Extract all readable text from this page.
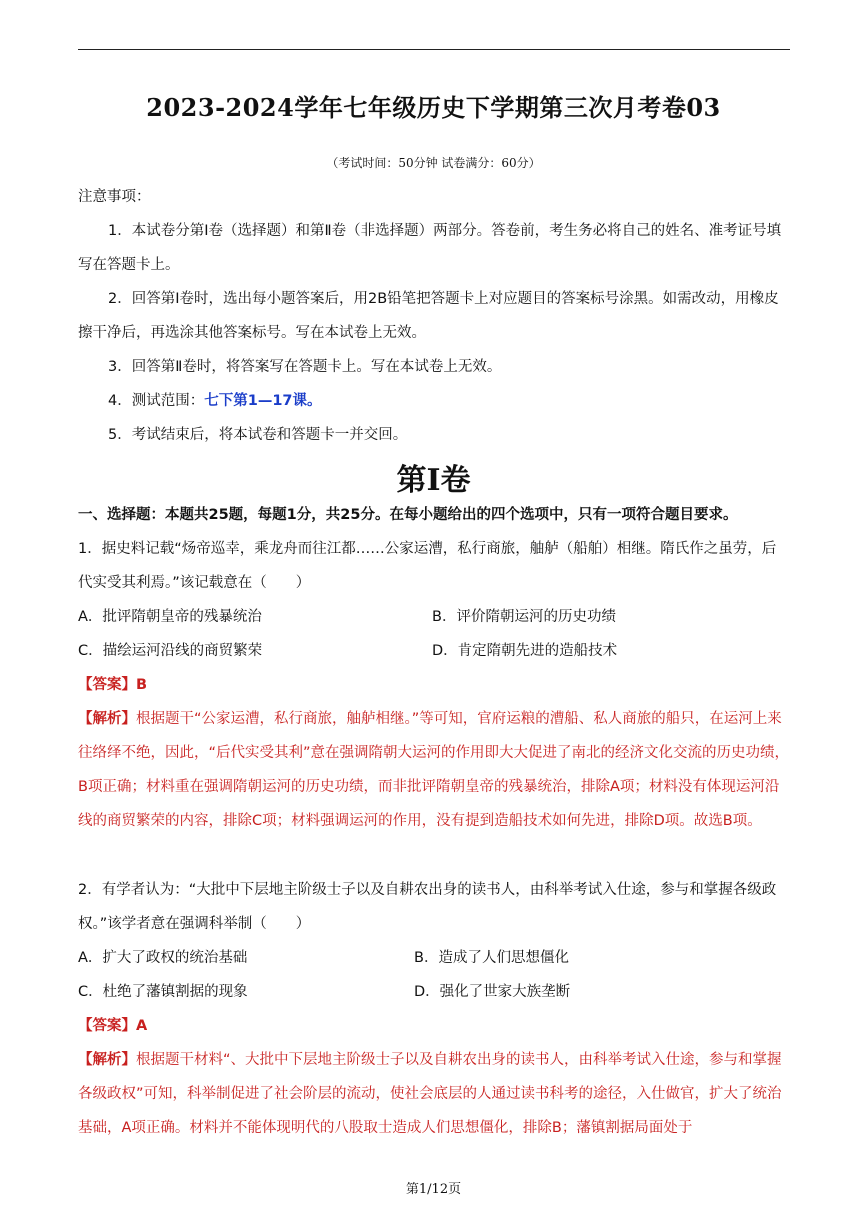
2023-2024学年七年级历史下学期第三次月考卷03
（考试时间：50分钟 试卷满分：60分）

注意事项：

1．本试卷分第Ⅰ卷（选择题）和第Ⅱ卷（非选择题）两部分。答卷前，考生务必将自己的姓名、准考证号填写在答题卡上。

2．回答第Ⅰ卷时，选出每小题答案后，用2B铅笔把答题卡上对应题目的答案标号涂黑。如需改动，用橡皮擦干净后，再选涂其他答案标号。写在本试卷上无效。

3．回答第Ⅱ卷时，将答案写在答题卡上。写在本试卷上无效。

4．测试范围：七下第1—17课。

5．考试结束后，将本试卷和答题卡一并交回。

第Ⅰ卷
一、选择题：本题共25题，每题1分，共25分。在每小题给出的四个选项中，只有一项符合题目要求。
1．据史料记载“炀帝巡幸，乘龙舟而往江都……公家运漕，私行商旅，舳舻（船舶）相继。隋氏作之虽劳，后代实受其利焉。”该记载意在（　　）
A．批评隋朝皇帝的残暴统治	B．评价隋朝运河的历史功绩
C．描绘运河沿线的商贸繁荣	D．肯定隋朝先进的造船技术
【答案】B
【解析】根据题干“公家运漕，私行商旅，舳舻相继。”等可知，官府运粮的漕船、私人商旅的船只，在运河上来往络绎不绝，因此，“后代实受其利”意在强调隋朝大运河的作用即大大促进了南北的经济文化交流的历史功绩，B项正确；材料重在强调隋朝运河的历史功绩，而非批评隋朝皇帝的残暴统治，排除A项；材料没有体现运河沿线的商贸繁荣的内容，排除C项；材料强调运河的作用，没有提到造船技术如何先进，排除D项。故选B项。
2．有学者认为：“大批中下层地主阶级士子以及自耕农出身的读书人，由科举考试入仕途，参与和掌握各级政权。”该学者意在强调科举制（　　）
A．扩大了政权的统治基础	B．造成了人们思想僵化
C．杜绝了藩镇割据的现象	D．强化了世家大族垄断
【答案】A
【解析】根据题干材料“、大批中下层地主阶级士子以及自耕农出身的读书人，由科举考试入仕途，参与和掌握各级政权”可知，科举制促进了社会阶层的流动，使社会底层的人通过读书科考的途径，入仕做官，扩大了统治基础，A项正确。材料并不能体现明代的八股取士造成人们思想僵化，排除B；藩镇割据局面处于
第1/12页
